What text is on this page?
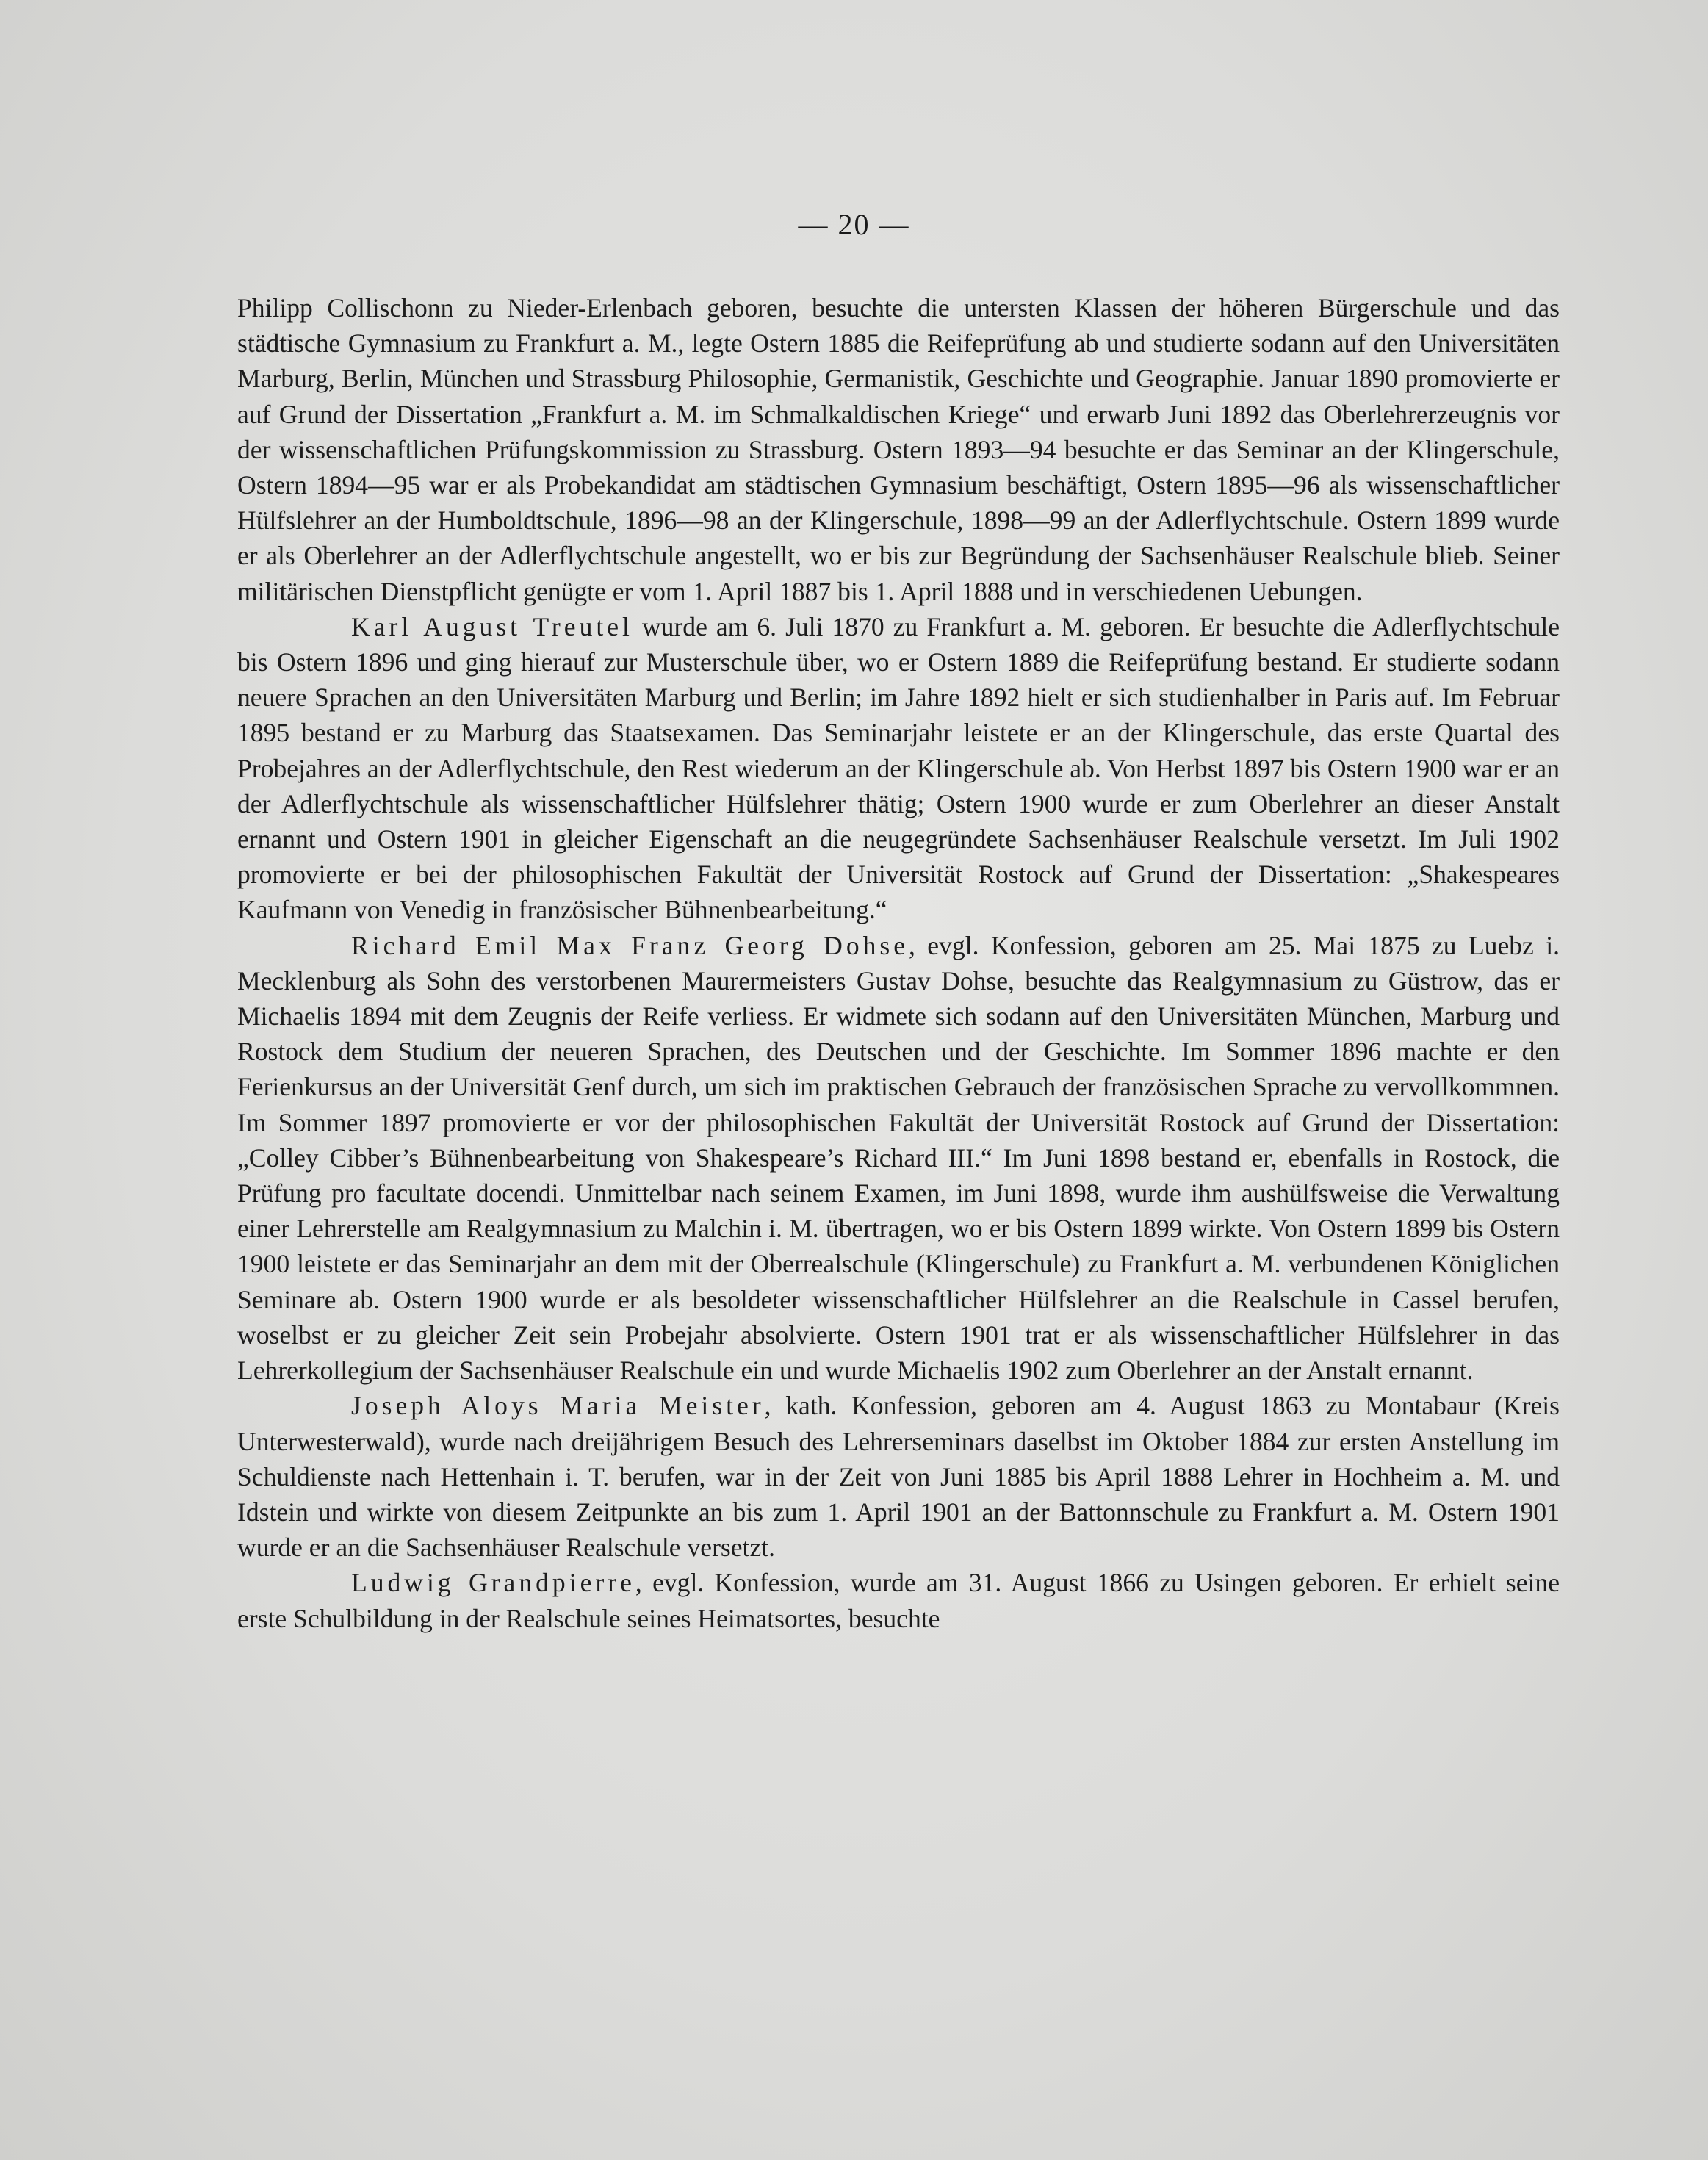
— 20 —

Philipp Collischonn zu Nieder-Erlenbach geboren, besuchte die untersten Klassen der höheren Bürgerschule und das städtische Gymnasium zu Frankfurt a. M., legte Ostern 1885 die Reifeprüfung ab und studierte sodann auf den Universitäten Marburg, Berlin, München und Strassburg Philosophie, Germanistik, Geschichte und Geographie. Januar 1890 promovierte er auf Grund der Dissertation „Frankfurt a. M. im Schmalkaldischen Kriege“ und erwarb Juni 1892 das Oberlehrerzeugnis vor der wissenschaftlichen Prüfungskommission zu Strassburg. Ostern 1893—94 besuchte er das Seminar an der Klingerschule, Ostern 1894—95 war er als Probekandidat am städtischen Gymnasium beschäftigt, Ostern 1895—96 als wissenschaftlicher Hülfslehrer an der Humboldtschule, 1896—98 an der Klingerschule, 1898—99 an der Adlerflychtschule. Ostern 1899 wurde er als Oberlehrer an der Adlerflychtschule angestellt, wo er bis zur Begründung der Sachsenhäuser Realschule blieb. Seiner militärischen Dienstpflicht genügte er vom 1. April 1887 bis 1. April 1888 und in verschiedenen Uebungen.

Karl August Treutel wurde am 6. Juli 1870 zu Frankfurt a. M. geboren. Er besuchte die Adlerflychtschule bis Ostern 1896 und ging hierauf zur Musterschule über, wo er Ostern 1889 die Reifeprüfung bestand. Er studierte sodann neuere Sprachen an den Universitäten Marburg und Berlin; im Jahre 1892 hielt er sich studienhalber in Paris auf. Im Februar 1895 bestand er zu Marburg das Staatsexamen. Das Seminarjahr leistete er an der Klingerschule, das erste Quartal des Probejahres an der Adlerflychtschule, den Rest wiederum an der Klingerschule ab. Von Herbst 1897 bis Ostern 1900 war er an der Adlerflychtschule als wissenschaftlicher Hülfslehrer thätig; Ostern 1900 wurde er zum Oberlehrer an dieser Anstalt ernannt und Ostern 1901 in gleicher Eigenschaft an die neugegründete Sachsenhäuser Realschule versetzt. Im Juli 1902 promovierte er bei der philosophischen Fakultät der Universität Rostock auf Grund der Dissertation: „Shakespeares Kaufmann von Venedig in französischer Bühnenbearbeitung.“

Richard Emil Max Franz Georg Dohse, evgl. Konfession, geboren am 25. Mai 1875 zu Luebz i. Mecklenburg als Sohn des verstorbenen Maurermeisters Gustav Dohse, besuchte das Realgymnasium zu Güstrow, das er Michaelis 1894 mit dem Zeugnis der Reife verliess. Er widmete sich sodann auf den Universitäten München, Marburg und Rostock dem Studium der neueren Sprachen, des Deutschen und der Geschichte. Im Sommer 1896 machte er den Ferienkursus an der Universität Genf durch, um sich im praktischen Gebrauch der französischen Sprache zu vervollkommnen. Im Sommer 1897 promovierte er vor der philosophischen Fakultät der Universität Rostock auf Grund der Dissertation: „Colley Cibber’s Bühnenbearbeitung von Shakespeare’s Richard III.“ Im Juni 1898 bestand er, ebenfalls in Rostock, die Prüfung pro facultate docendi. Unmittelbar nach seinem Examen, im Juni 1898, wurde ihm aushülfsweise die Verwaltung einer Lehrerstelle am Realgymnasium zu Malchin i. M. übertragen, wo er bis Ostern 1899 wirkte. Von Ostern 1899 bis Ostern 1900 leistete er das Seminarjahr an dem mit der Oberrealschule (Klingerschule) zu Frankfurt a. M. verbundenen Königlichen Seminare ab. Ostern 1900 wurde er als besoldeter wissenschaftlicher Hülfslehrer an die Realschule in Cassel berufen, woselbst er zu gleicher Zeit sein Probejahr absolvierte. Ostern 1901 trat er als wissenschaftlicher Hülfslehrer in das Lehrerkollegium der Sachsenhäuser Realschule ein und wurde Michaelis 1902 zum Oberlehrer an der Anstalt ernannt.

Joseph Aloys Maria Meister, kath. Konfession, geboren am 4. August 1863 zu Montabaur (Kreis Unterwesterwald), wurde nach dreijährigem Besuch des Lehrerseminars daselbst im Oktober 1884 zur ersten Anstellung im Schuldienste nach Hettenhain i. T. berufen, war in der Zeit von Juni 1885 bis April 1888 Lehrer in Hochheim a. M. und Idstein und wirkte von diesem Zeitpunkte an bis zum 1. April 1901 an der Battonnschule zu Frankfurt a. M. Ostern 1901 wurde er an die Sachsenhäuser Realschule versetzt.

Ludwig Grandpierre, evgl. Konfession, wurde am 31. August 1866 zu Usingen geboren. Er erhielt seine erste Schulbildung in der Realschule seines Heimatsortes, besuchte
